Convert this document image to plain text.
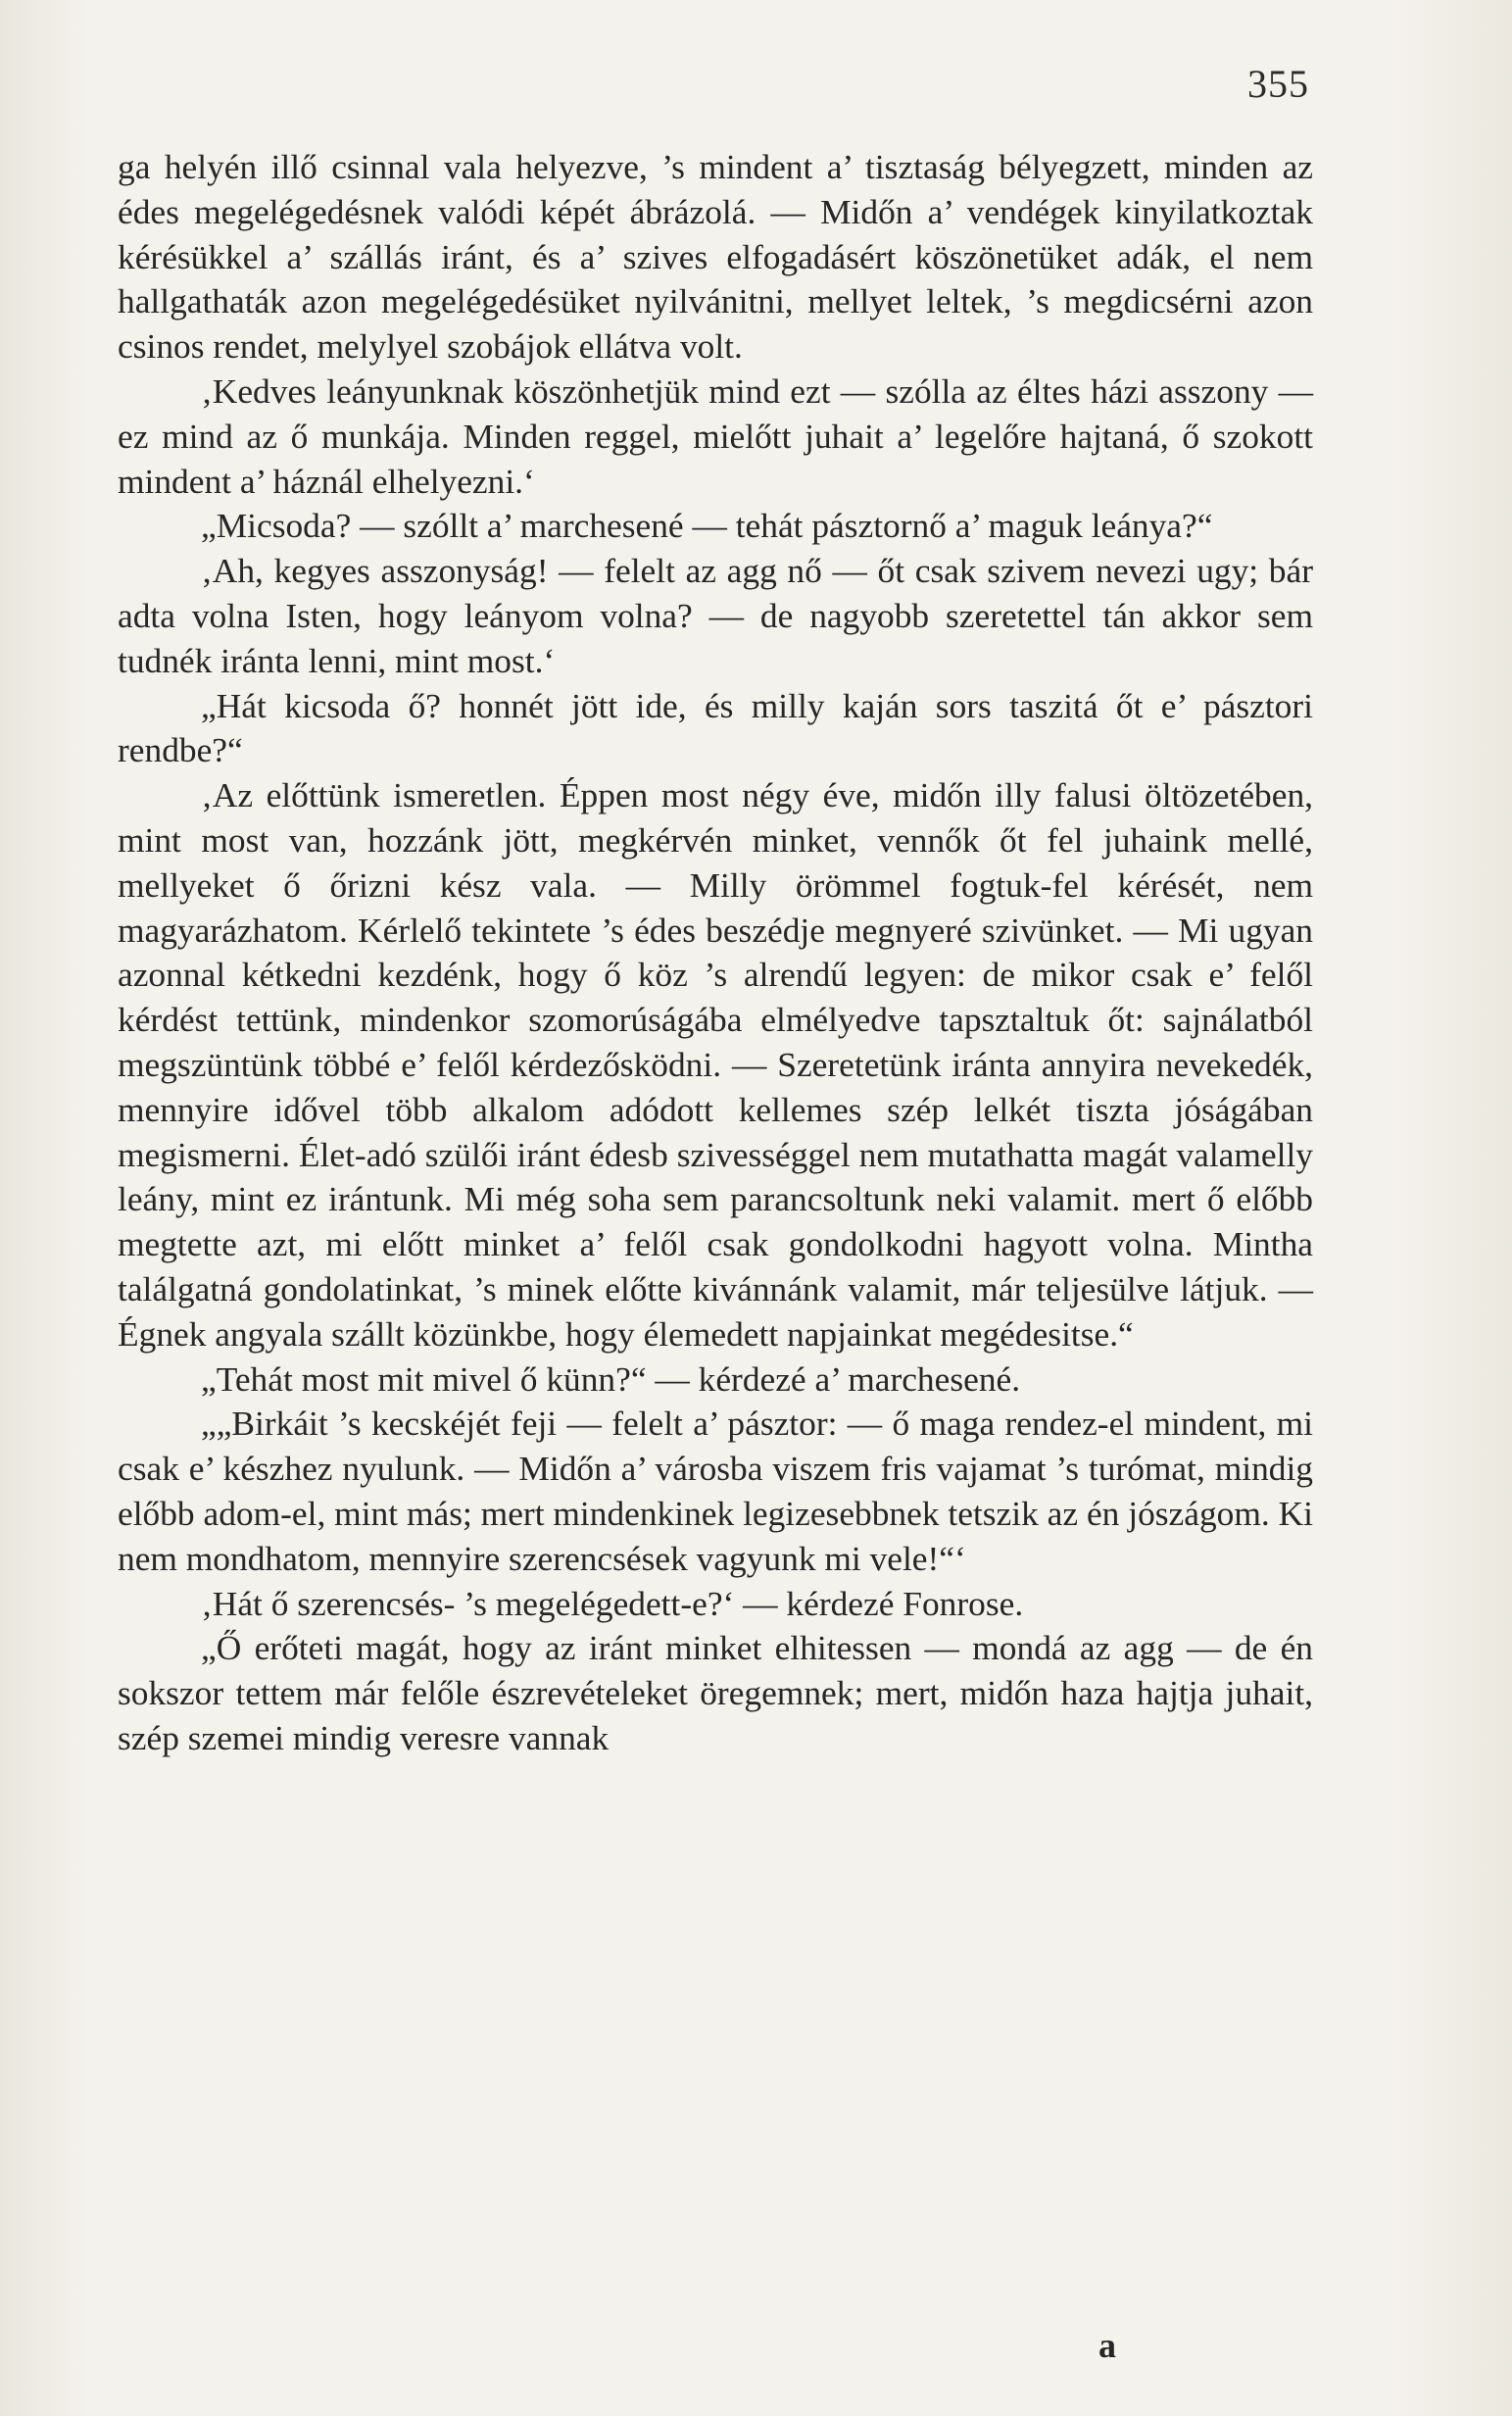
355

ga helyén illő csinnal vala helyezve, ’s mindent a’ tisztaság bélyegzett, minden az édes megelégedésnek valódi képét ábrázolá. — Midőn a’ vendégek kinyilatkoztak kérésükkel a’ szállás iránt, és a’ szives elfogadásért köszönetüket adák, el nem hallgathaták azon megelégedésüket nyilvánitni, mellyet leltek, ’s megdicsérni azon csinos rendet, melylyel szobájok ellátva volt.

‚Kedves leányunknak köszönhetjük mind ezt — szólla az éltes házi asszony — ez mind az ő munkája. Minden reggel, mielőtt juhait a’ legelőre hajtaná, ő szokott mindent a’ háznál elhelyezni.‘

„Micsoda? — szóllt a’ marchesené — tehát pásztornő a’ maguk leánya?“

‚Ah, kegyes asszonyság! — felelt az agg nő — őt csak szivem nevezi ugy; bár adta volna Isten, hogy leányom volna? — de nagyobb szeretettel tán akkor sem tudnék iránta lenni, mint most.‘

„Hát kicsoda ő? honnét jött ide, és milly kaján sors taszitá őt e’ pásztori rendbe?“

‚Az előttünk ismeretlen. Éppen most négy éve, midőn illy falusi öltözetében, mint most van, hozzánk jött, megkérvén minket, vennők őt fel juhaink mellé, mellyeket ő őrizni kész vala. — Milly örömmel fogtuk-fel kérését, nem magyarázhatom. Kérlelő tekintete ’s édes beszédje megnyeré szivünket. — Mi ugyan azonnal kétkedni kezdénk, hogy ő köz ’s alrendű legyen: de mikor csak e’ felől kérdést tettünk, mindenkor szomorúságába elmélyedve tapsztaltuk őt: sajnálatból megszüntünk többé e’ felől kérdezősködni. — Szeretetünk iránta annyira nevekedék, mennyire idővel több alkalom adódott kellemes szép lelkét tiszta jóságában megismerni. Élet-adó szülői iránt édesb szivességgel nem mutathatta magát valamelly leány, mint ez irántunk. Mi még soha sem parancsoltunk neki valamit. mert ő előbb megtette azt, mi előtt minket a’ felől csak gondolkodni hagyott volna. Mintha találgatná gondolatinkat, ’s minek előtte kivánnánk valamit, már teljesülve látjuk. — Égnek angyala szállt közünkbe, hogy élemedett napjainkat megédesitse.“

„Tehát most mit mivel ő künn?“ — kérdezé a’ marchesené.

„„Birkáit ’s kecskéjét feji — felelt a’ pásztor: — ő maga rendez-el mindent, mi csak e’ készhez nyulunk. — Midőn a’ városba viszem fris vajamat ’s turómat, mindig előbb adom-el, mint más; mert mindenkinek legizesebbnek tetszik az én jószágom. Ki nem mondhatom, mennyire szerencsések vagyunk mi vele!“‘

‚Hát ő szerencsés- ’s megelégedett-e?‘ — kérdezé Fonrose.

„Ő erőteti magát, hogy az iránt minket elhitessen — mondá az agg — de én sokszor tettem már felőle észrevételeket öregemnek; mert, midőn haza hajtja juhait, szép szemei mindig veresre vannak

a
